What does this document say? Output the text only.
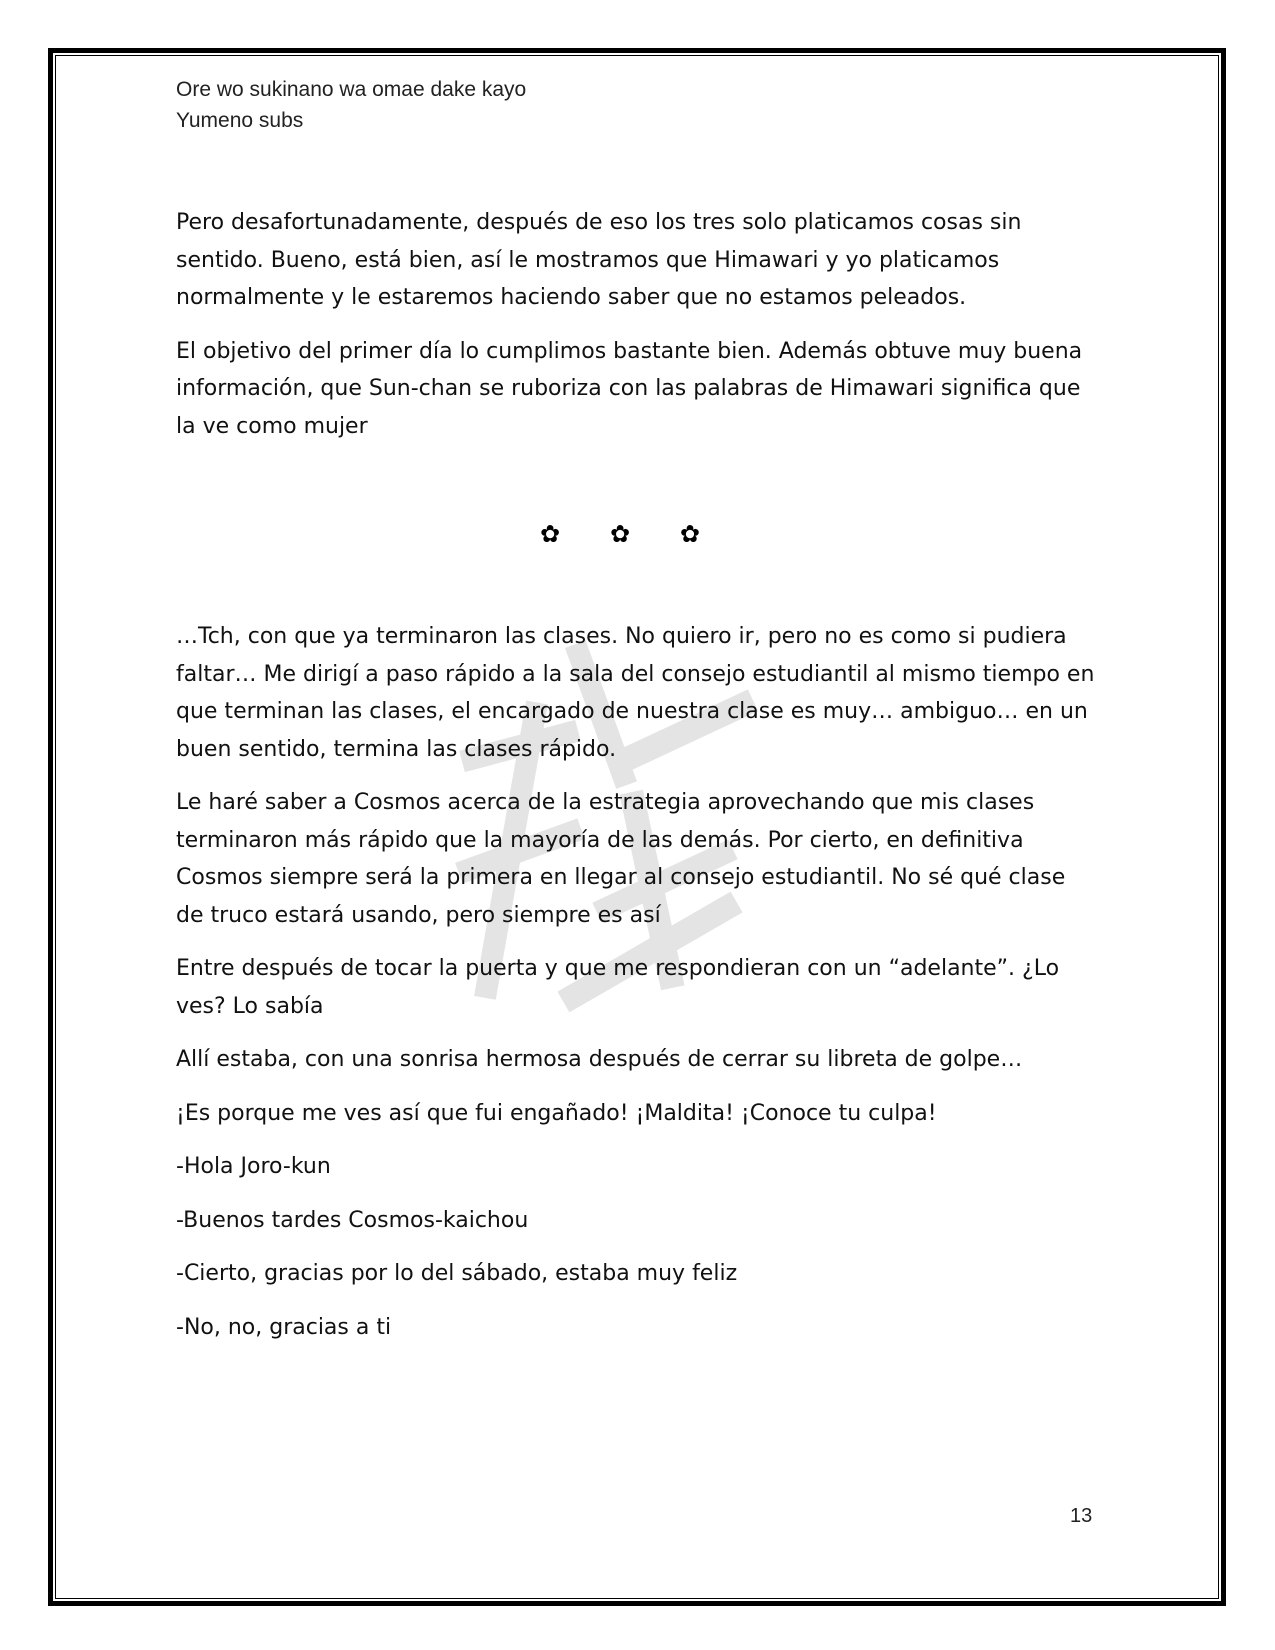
Ore wo sukinano wa omae dake kayo
Yumeno subs

Pero desafortunadamente, después de eso los tres solo platicamos cosas sin sentido. Bueno, está bien, así le mostramos que Himawari y yo platicamos normalmente y le estaremos haciendo saber que no estamos peleados.

El objetivo del primer día lo cumplimos bastante bien. Además obtuve muy buena información, que Sun-chan se ruboriza con las palabras de Himawari significa que la ve como mujer

✿ ✿ ✿

…Tch, con que ya terminaron las clases. No quiero ir, pero no es como si pudiera faltar… Me dirigí a paso rápido a la sala del consejo estudiantil al mismo tiempo en que terminan las clases, el encargado de nuestra clase es muy… ambiguo… en un buen sentido, termina las clases rápido.

Le haré saber a Cosmos acerca de la estrategia aprovechando que mis clases terminaron más rápido que la mayoría de las demás. Por cierto, en definitiva Cosmos siempre será la primera en llegar al consejo estudiantil. No sé qué clase de truco estará usando, pero siempre es así

Entre después de tocar la puerta y que me respondieran con un “adelante”. ¿Lo ves? Lo sabía

Allí estaba, con una sonrisa hermosa después de cerrar su libreta de golpe…

¡Es porque me ves así que fui engañado! ¡Maldita! ¡Conoce tu culpa!

-Hola Joro-kun

-Buenos tardes Cosmos-kaichou

-Cierto, gracias por lo del sábado, estaba muy feliz

-No, no, gracias a ti

13
